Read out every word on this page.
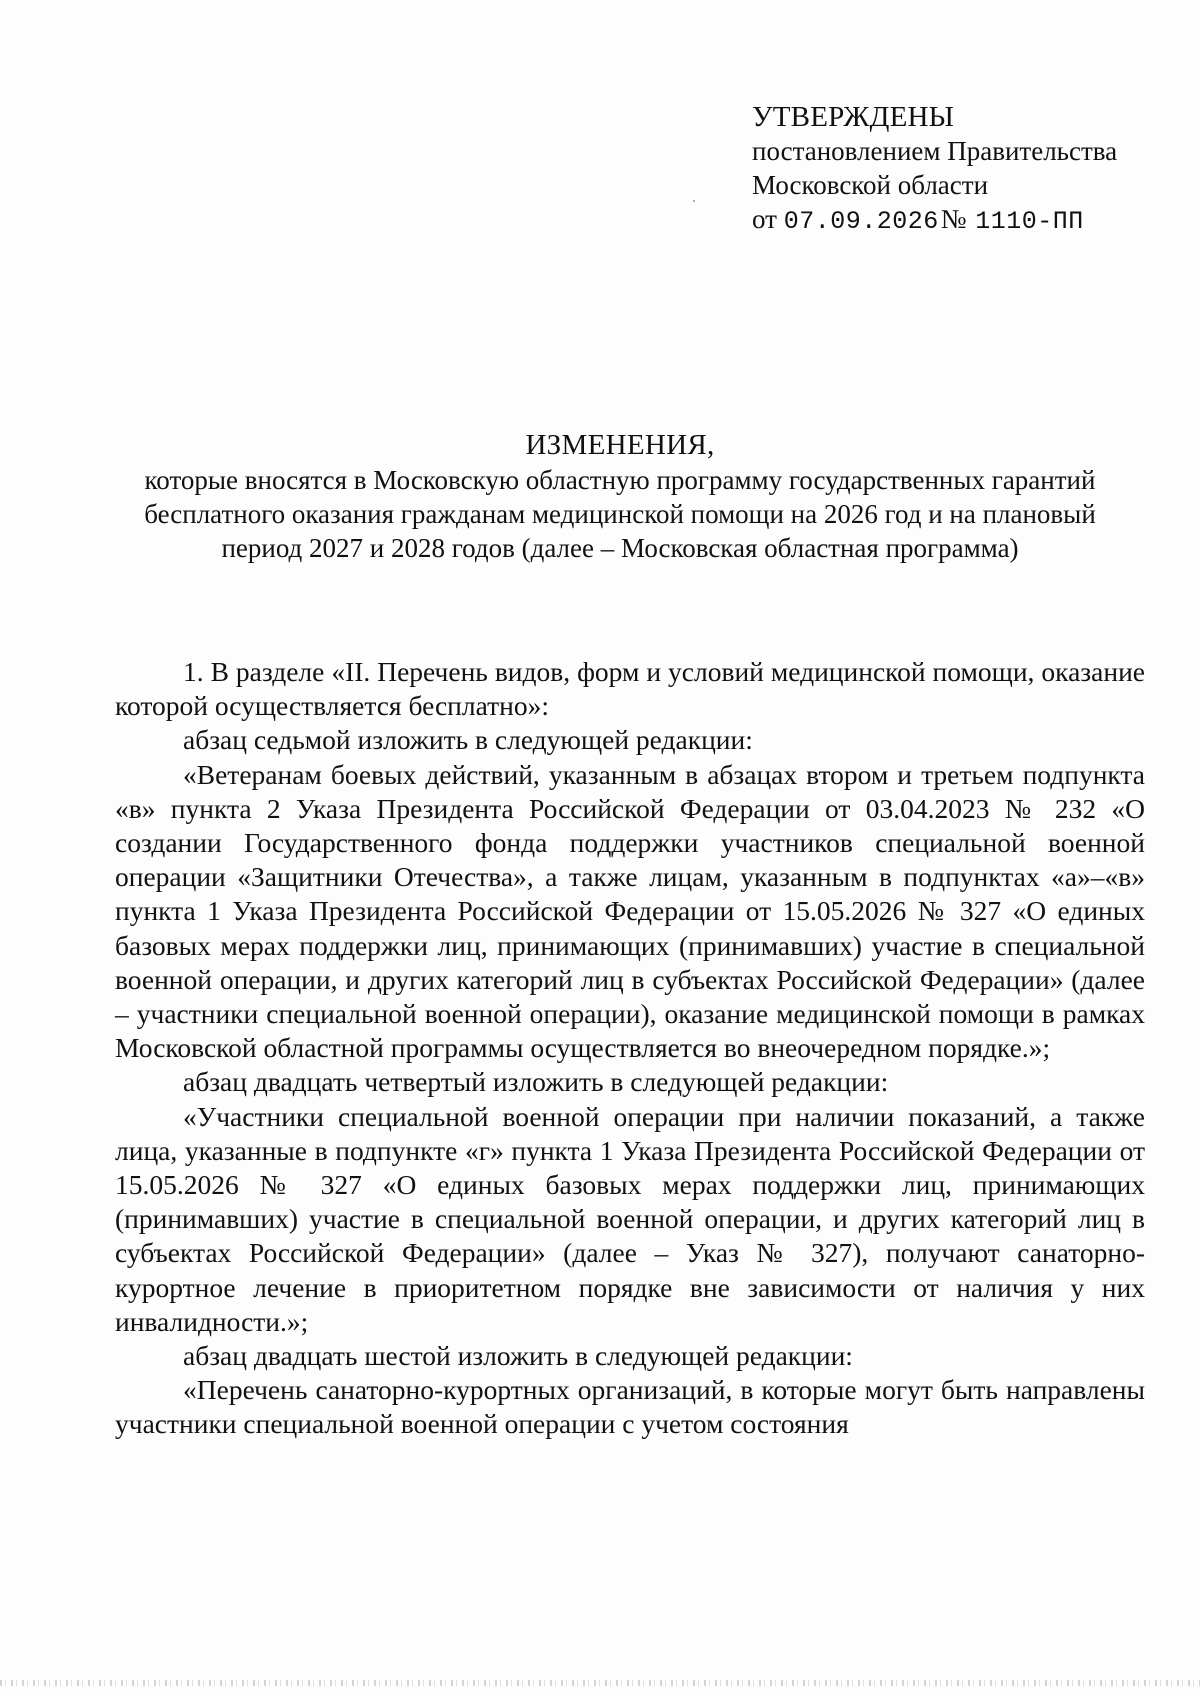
УТВЕРЖДЕНЫ
постановлением Правительства
Московской области
от 07.09.2026№ 1110-ПП
ИЗМЕНЕНИЯ,
которые вносятся в Московскую областную программу государственных гарантий
бесплатного оказания гражданам медицинской помощи на 2026 год и на плановый
период 2027 и 2028 годов (далее – Московская областная программа)

1. В разделе «II. Перечень видов, форм и условий медицинской помощи, оказание которой осуществляется бесплатно»:

абзац седьмой изложить в следующей редакции:

«Ветеранам боевых действий, указанным в абзацах втором и третьем подпункта «в» пункта 2 Указа Президента Российской Федерации от 03.04.2023 № 232 «О создании Государственного фонда поддержки участников специальной военной операции «Защитники Отечества», а также лицам, указанным в подпунктах «а»–«в» пункта 1 Указа Президента Российской Федерации от 15.05.2026 № 327 «О единых базовых мерах поддержки лиц, принимающих (принимавших) участие в специальной военной операции, и других категорий лиц в субъектах Российской Федерации» (далее – участники специальной военной операции), оказание медицинской помощи в рамках Московской областной программы осуществляется во внеочередном порядке.»;

абзац двадцать четвертый изложить в следующей редакции:

«Участники специальной военной операции при наличии показаний, а также лица, указанные в подпункте «г» пункта 1 Указа Президента Российской Федерации от 15.05.2026 № 327 «О единых базовых мерах поддержки лиц, принимающих (принимавших) участие в специальной военной операции, и других категорий лиц в субъектах Российской Федерации» (далее – Указ № 327), получают санаторно-курортное лечение в приоритетном порядке вне зависимости от наличия у них инвалидности.»;

абзац двадцать шестой изложить в следующей редакции:

«Перечень санаторно-курортных организаций, в которые могут быть направлены участники специальной военной операции с учетом состояния
